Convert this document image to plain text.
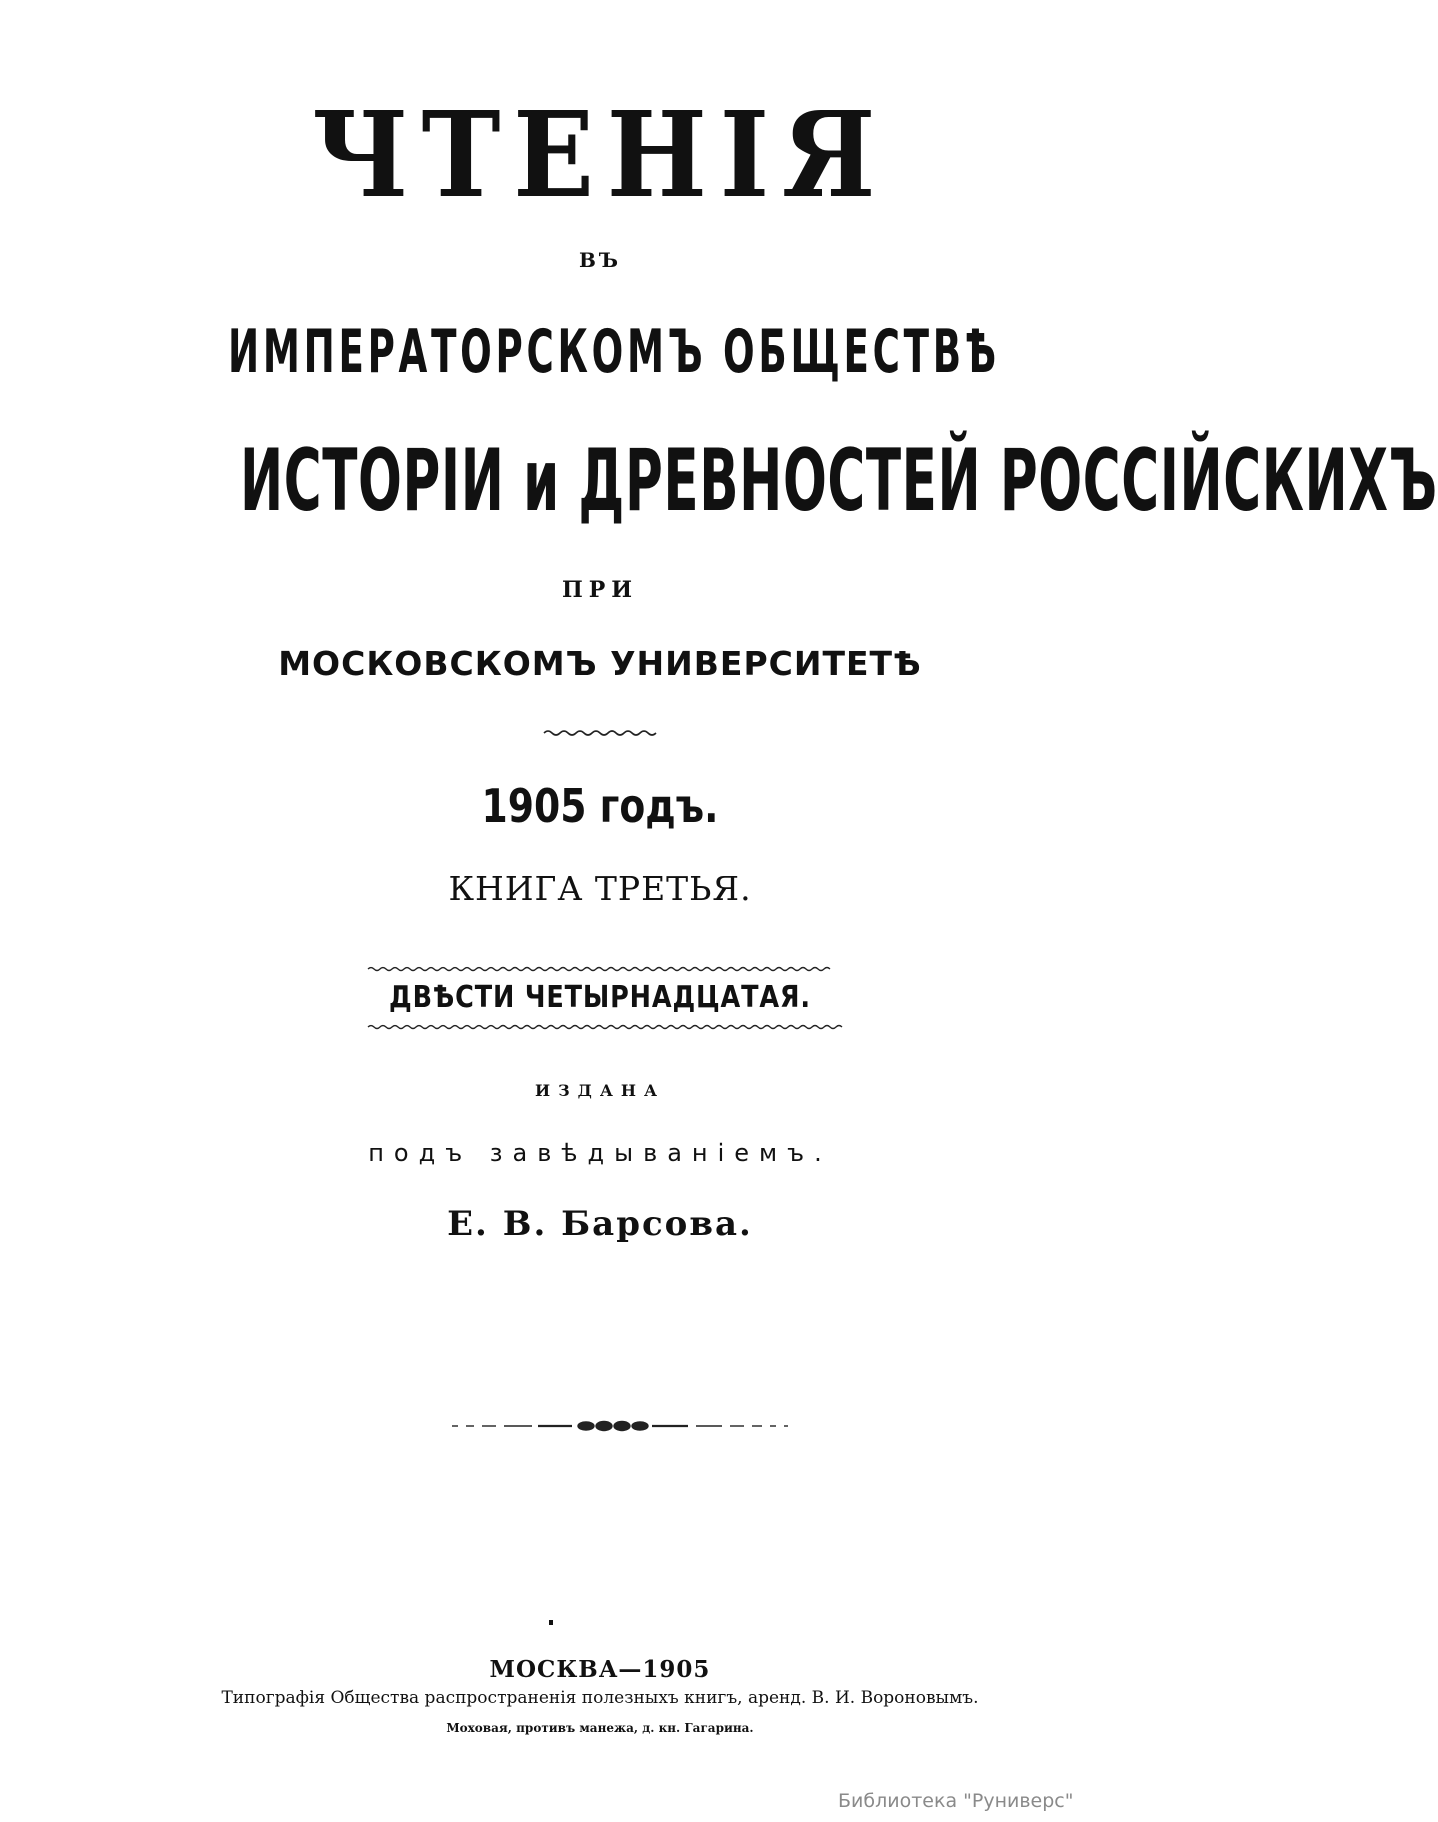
ЧТЕНІЯ
ВЪ
ИМПЕРАТОРСКОМЪ ОБЩЕСТВѢ
ИСТОРІИ и ДРЕВНОСТЕЙ РОССІЙСКИХЪ
ПРИ
МОСКОВСКОМЪ УНИВЕРСИТЕТѢ
1905 годъ.
КНИГА ТРЕТЬЯ.
ДВѢСТИ ЧЕТЫРНАДЦАТАЯ.
ИЗДАНА
подъ завѣдываніемъ.
Е. В. Барсова.
МОСКВА—1905
Типографія Общества распространенія полезныхъ книгъ, аренд. В. И. Вороновымъ.
Моховая, противъ манежа, д. кн. Гагарина.
Библиотека "Руниверс"
